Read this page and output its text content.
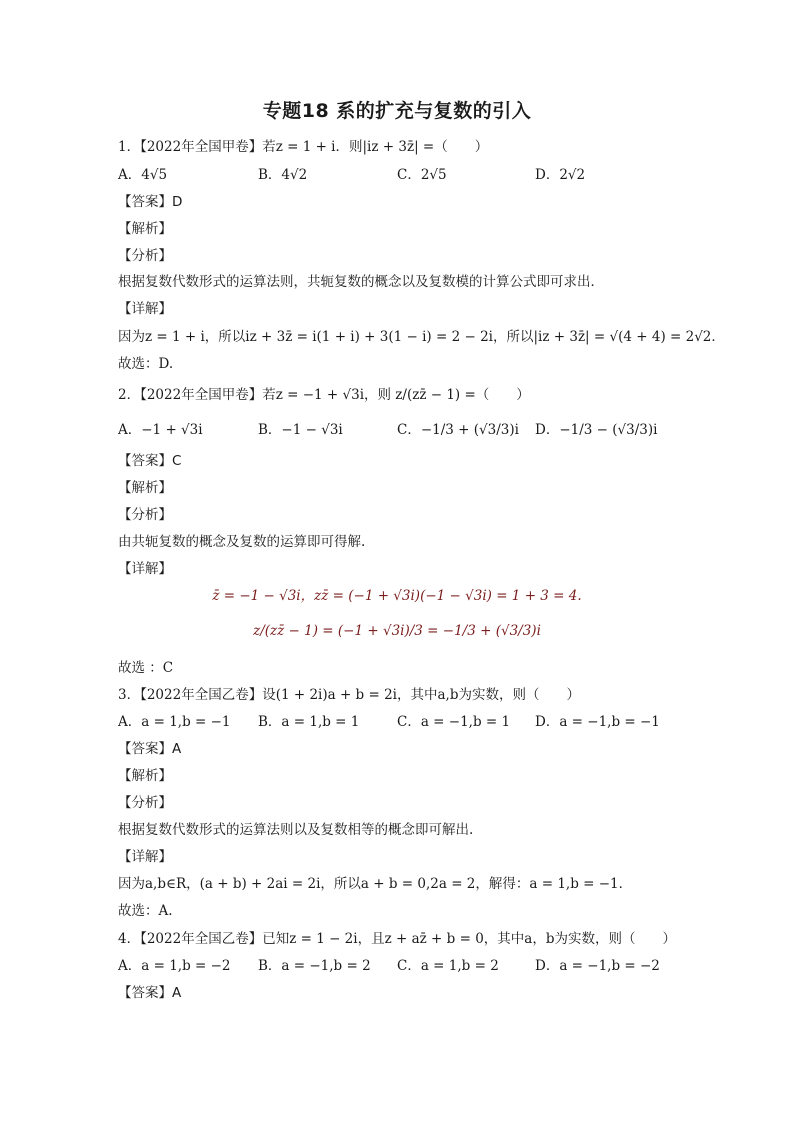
专题18 系的扩充与复数的引入
1．【2022年全国甲卷】若z = 1 + i．则|iz + 3z̄| =（　　）
A．4√5	B．4√2	C．2√5	D．2√2
【答案】D
【解析】
【分析】
根据复数代数形式的运算法则，共轭复数的概念以及复数模的计算公式即可求出．
【详解】
因为z = 1 + i，所以iz + 3z̄ = i(1 + i) + 3(1 − i) = 2 − 2i，所以|iz + 3z̄| = √(4 + 4) = 2√2．
故选：D.
2．【2022年全国甲卷】若z = −1 + √3i，则 z/(zz̄ − 1) =（　　）
A．−1 + √3i	B．−1 − √3i	C．−1/3 + (√3/3)i D．−1/3 − (√3/3)i
【答案】C
【解析】
【分析】
由共轭复数的概念及复数的运算即可得解.
【详解】
z̄ = −1 − √3i，zz̄ = (−1 + √3i)(−1 − √3i) = 1 + 3 = 4.
z/(zz̄ − 1) = (−1 + √3i)/3 = −1/3 + (√3/3)i
故选 ：C
3．【2022年全国乙卷】设(1 + 2i)a + b = 2i，其中a,b为实数，则（　　）
A．a = 1,b = −1 B．a = 1,b = 1	C．a = −1,b = 1 D．a = −1,b = −1
【答案】A
【解析】
【分析】
根据复数代数形式的运算法则以及复数相等的概念即可解出.
【详解】
因为a,b∈R，(a + b) + 2ai = 2i，所以a + b = 0,2a = 2，解得：a = 1,b = −1．
故选：A.
4．【2022年全国乙卷】已知z = 1 − 2i，且z + az̄ + b = 0，其中a，b为实数，则（　　）
A．a = 1,b = −2 B．a = −1,b = 2 C．a = 1,b = 2	D．a = −1,b = −2
【答案】A
